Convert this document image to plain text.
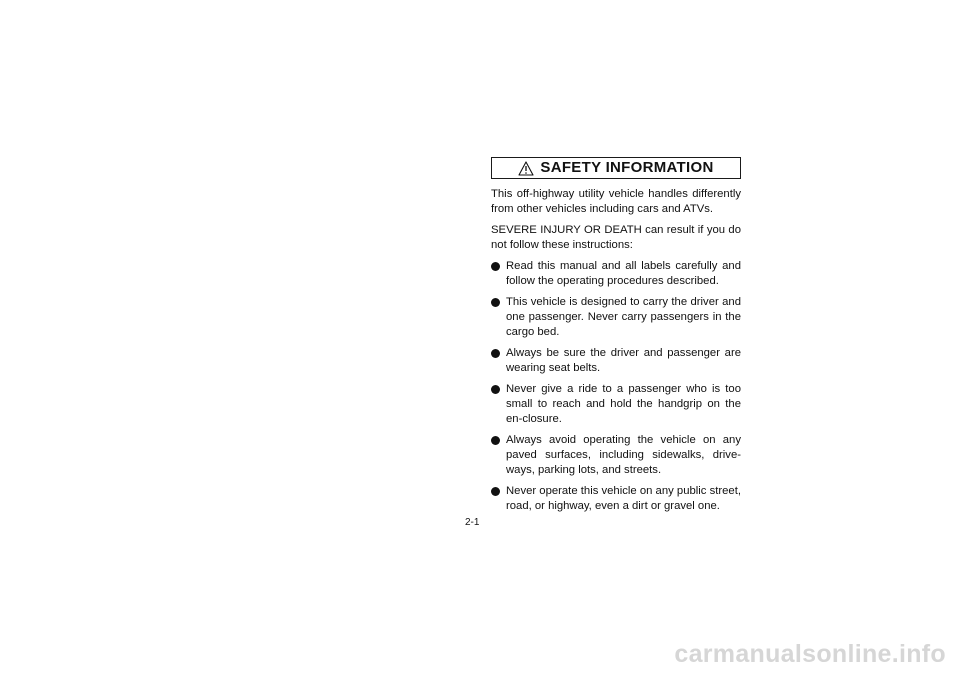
SAFETY INFORMATION

This off-highway utility vehicle handles differently from other vehicles including cars and ATVs.

SEVERE INJURY OR DEATH can result if you do not follow these instructions:

Read this manual and all labels carefully and follow the operating procedures described.
This vehicle is designed to carry the driver and one passenger. Never carry passengers in the cargo bed.
Always be sure the driver and passenger are wearing seat belts.
Never give a ride to a passenger who is too small to reach and hold the handgrip on the en-closure.
Always avoid operating the vehicle on any paved surfaces, including sidewalks, drive-ways, parking lots, and streets.
Never operate this vehicle on any public street, road, or highway, even a dirt or gravel one.
2-1
carmanualsonline.info
